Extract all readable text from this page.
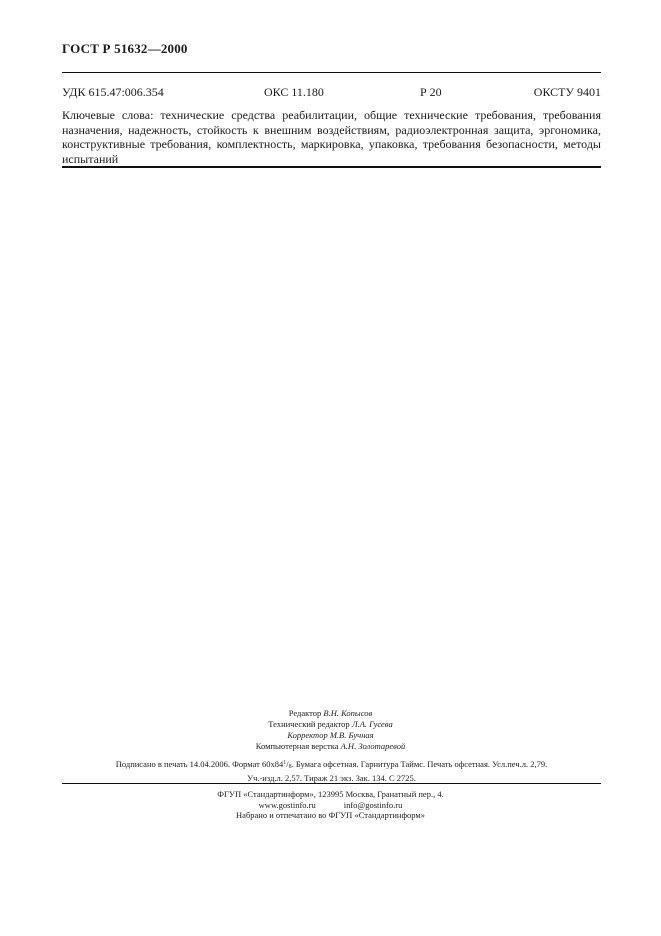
ГОСТ Р 51632—2000
УДК 615.47:006.354	ОКС 11.180	Р 20	ОКСТУ 9401

Ключевые слова: технические средства реабилитации, общие технические требования, требования назначения, надежность, стойкость к внешним воздействиям, радиоэлектронная защита, эргономика, конструктивные требования, комплектность, маркировка, упаковка, требования безопасности, методы испытаний

Редактор В.Н. Копысов
Технический редактор Л.А. Гусева
Корректор М.В. Бучная
Компьютерная верстка А.Н. Золотаревой
Подписано в печать 14.04.2006. Формат $60х84^1/_8$. Бумага офсетная. Гарнитура Таймс. Печать офсетная. Усл.печ.л. 2,79.
Уч.-изд.л. 2,57. Тираж 21 экз. Зак. 134. С 2725.
ФГУП «Стандартинформ», 123995 Москва, Гранатный пер., 4.
www.gostinfo.ru	info@gostinfo.ru
Набрано и отпечатано во ФГУП «Стандартинформ»
